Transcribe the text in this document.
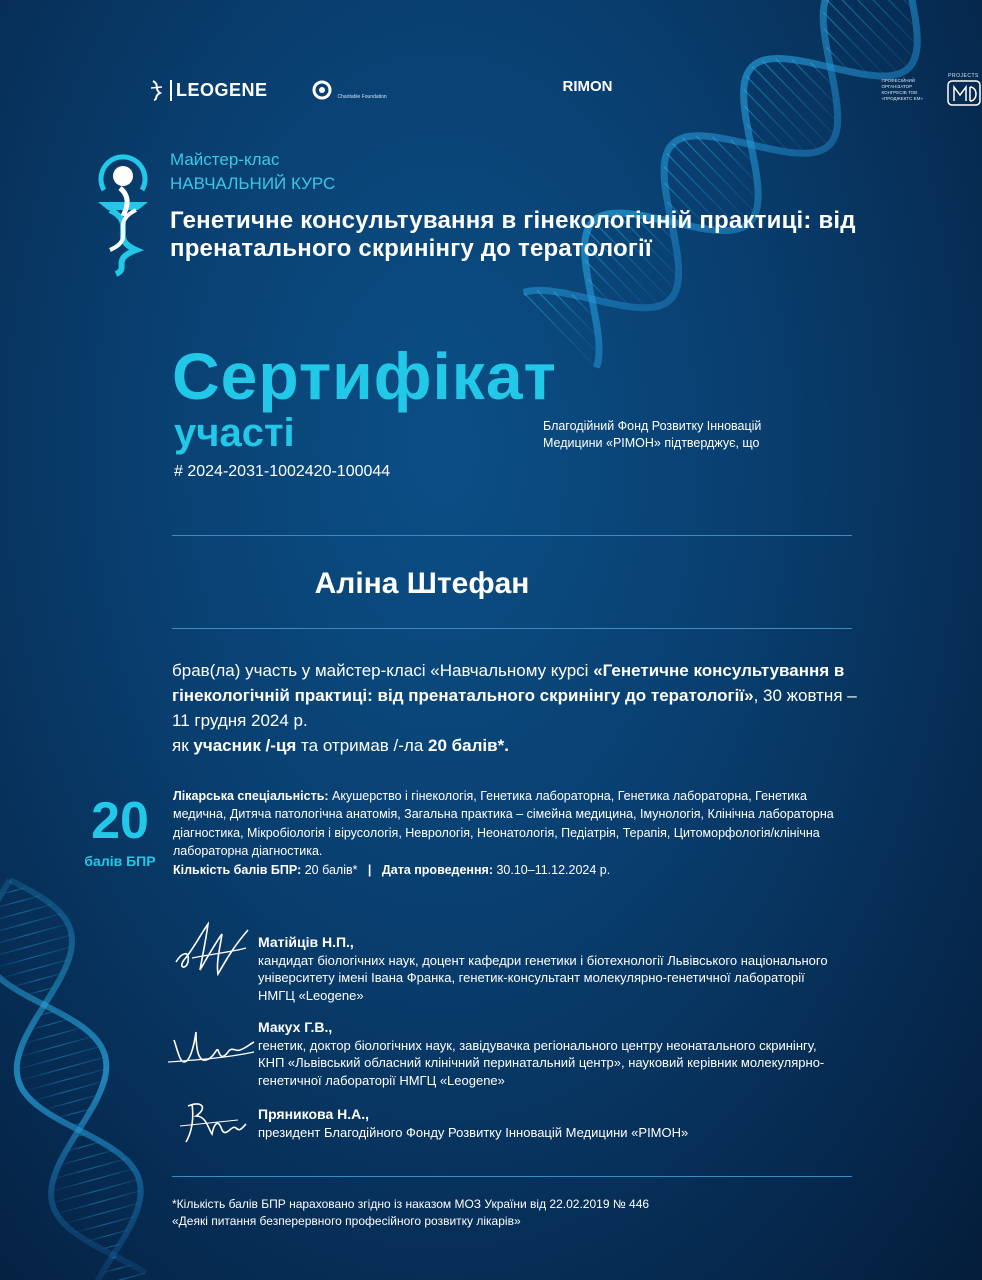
LEOGENE	RIMON
Charitable Foundation
ПРОФЕСІЙНИЙ ОРГАНІЗАТОР КОНГРЕСІВ ТОВ «ПРОДЖЕКТС ЕМ»
PROJECTS
Майстер-клас
НАВЧАЛЬНИЙ КУРС
Генетичне консультування в гінекологічній практиці: від пренатального скринінгу до тератології
Сертифікат
участі
# 2024-2031-1002420-100044
Благодійний Фонд Розвитку Інновацій
Медицини «РІМОН» підтверджує, що
Аліна Штефан
брав(ла) участь у майстер-класі «Навчальному курсі «Генетичне консультування в гінекологічній практиці: від пренатального скринінгу до тератології», 30 жовтня – 11 грудня 2024 р.
як учасник /-ця та отримав /-ла 20 балів*.
20
балів БПР
Лікарська спеціальність: Акушерство і гінекологія, Генетика лабораторна, Генетика лабораторна, Генетика медична, Дитяча патологічна анатомія, Загальна практика – сімейна медицина, Імунологія, Клінічна лабораторна діагностика, Мікробіологія і вірусологія, Неврологія, Неонатологія, Педіатрія, Терапія, Цитоморфологія/клінічна лабораторна діагностика.
Кількість балів БПР: 20 балів*   |   Дата проведення: 30.10–11.12.2024 р.
Матійців Н.П.,
кандидат біологічних наук, доцент кафедри генетики і біотехнології Львівського національного університету імені Івана Франка, генетик-консультант молекулярно-генетичної лабораторії НМГЦ «Leogene»
Макух Г.В.,
генетик, доктор біологічних наук, завідувачка регіонального центру неонатального скринінгу, КНП «Львівський обласний клінічний перинатальний центр», науковий керівник молекулярно-генетичної лабораторії НМГЦ «Leogene»
Пряникова Н.А.,
президент Благодійного Фонду Розвитку Інновацій Медицини «РІМОН»
*Кількість балів БПР нараховано згідно із наказом МОЗ України від 22.02.2019 № 446
«Деякі питання безперервного професійного розвитку лікарів»
